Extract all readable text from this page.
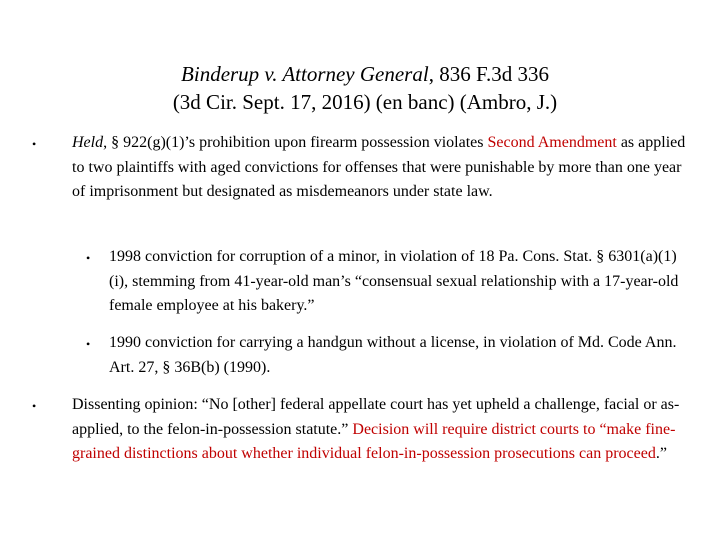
Binderup v. Attorney General, 836 F.3d 336
(3d Cir. Sept. 17, 2016) (en banc) (Ambro, J.)
• Held, § 922(g)(1)’s prohibition upon firearm possession violates Second Amendment as applied to two plaintiffs with aged convictions for offenses that were punishable by more than one year of imprisonment but designated as misdemeanors under state law.
• 1998 conviction for corruption of a minor, in violation of 18 Pa. Cons. Stat. § 6301(a)(1)(i), stemming from 41-year-old man’s “consensual sexual relationship with a 17-year-old female employee at his bakery.”
• 1990 conviction for carrying a handgun without a license, in violation of Md. Code Ann. Art. 27, § 36B(b) (1990).
• Dissenting opinion: “No [other] federal appellate court has yet upheld a challenge, facial or as-applied, to the felon-in-possession statute.” Decision will require district courts to “make fine-grained distinctions about whether individual felon-in-possession prosecutions can proceed.”
